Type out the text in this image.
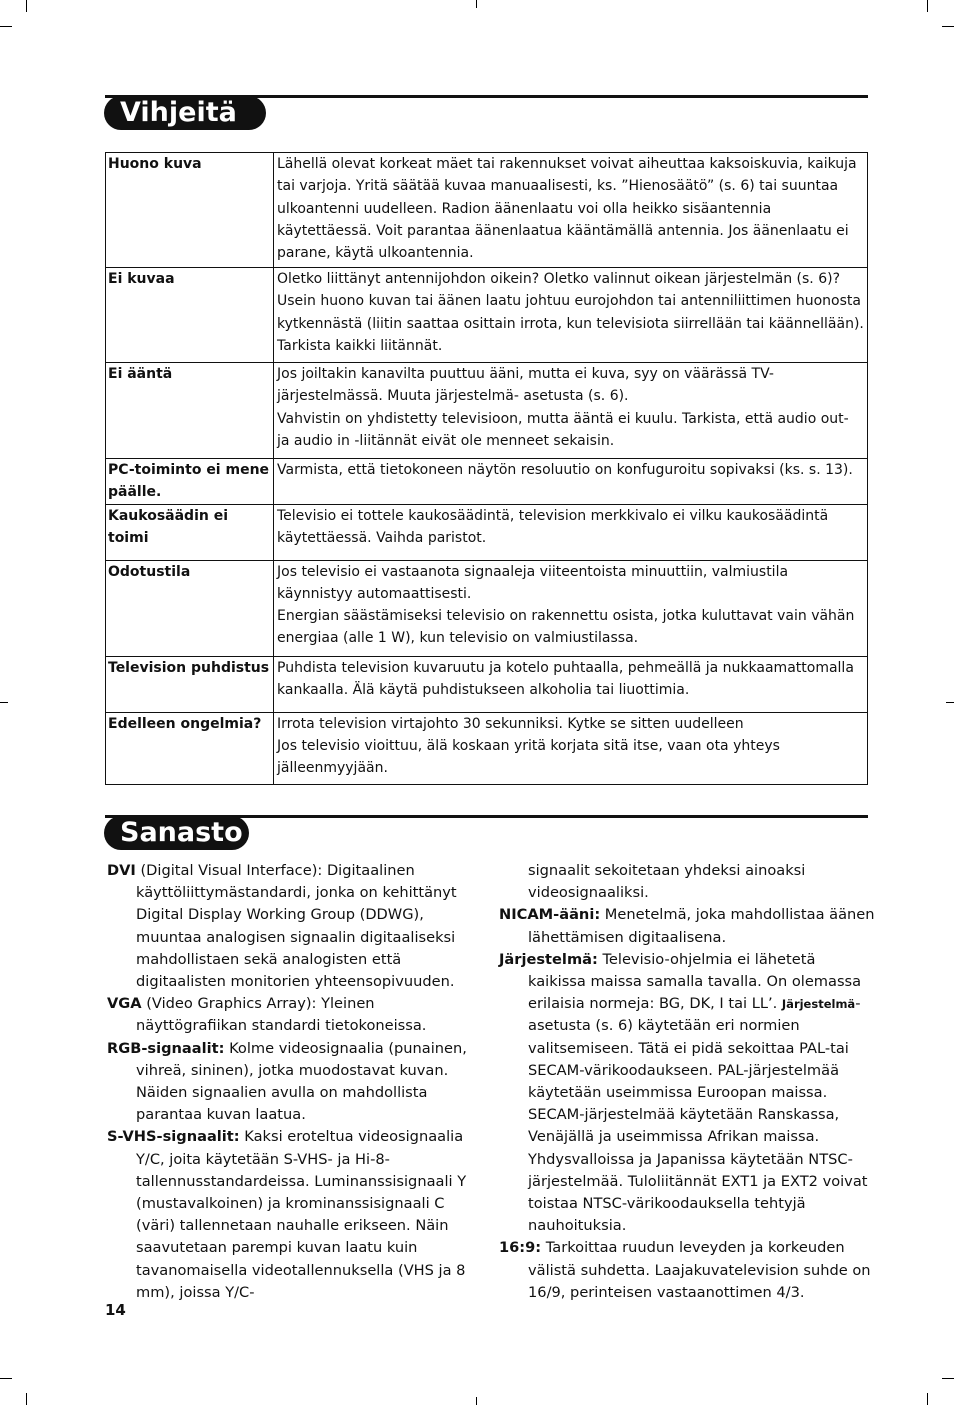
Vihjeitä
Huono kuva	Lähellä olevat korkeat mäet tai rakennukset voivat aiheuttaa kaksoiskuvia, kaikuja tai varjoja. Yritä säätää kuvaa manuaalisesti, ks. ”Hienosäätö” (s. 6) tai suuntaa ulkoantenni uudelleen. Radion äänenlaatu voi olla heikko sisäantennia käytettäessä. Voit parantaa äänenlaatua kääntämällä antennia. Jos äänenlaatu ei parane, käytä ulkoantennia.

Ei kuvaa	Oletko liittänyt antennijohdon oikein? Oletko valinnut oikean järjestelmän (s. 6)? Usein huono kuvan tai äänen laatu johtuu eurojohdon tai antenniliittimen huonosta kytkennästä (liitin saattaa osittain irrota, kun televisiota siirrellään tai käännellään). Tarkista kaikki liitännät.

Ei ääntä	Jos joiltakin kanavilta puuttuu ääni, mutta ei kuva, syy on väärässä TV-järjestelmässä. Muuta järjestelmä- asetusta (s. 6).
Vahvistin on yhdistetty televisioon, mutta ääntä ei kuulu. Tarkista, että audio out- ja audio in -liitännät eivät ole menneet sekaisin.

PC-toiminto ei mene päälle.	Varmista, että tietokoneen näytön resoluutio on konfuguroitu sopivaksi (ks. s. 13).

Kaukosäädin ei toimi	Televisio ei tottele kaukosäädintä, television merkkivalo ei vilku kaukosäädintä käytettäessä. Vaihda paristot.

Odotustila	Jos televisio ei vastaanota signaaleja viiteentoista minuuttiin, valmiustila käynnistyy automaattisesti.
Energian säästämiseksi televisio on rakennettu osista, jotka kuluttavat vain vähän energiaa (alle 1 W), kun televisio on valmiustilassa.

Television puhdistus	Puhdista television kuvaruutu ja kotelo puhtaalla, pehmeällä ja nukkaamattomalla kankaalla. Älä käytä puhdistukseen alkoholia tai liuottimia.

Edelleen ongelmia?	Irrota television virtajohto 30 sekunniksi. Kytke se sitten uudelleen
Jos televisio vioittuu, älä koskaan yritä korjata sitä itse, vaan ota yhteys jälleenmyyjään.
Sanasto
DVI (Digital Visual Interface): Digitaalinen käyttöliittymästandardi, jonka on kehittänyt Digital Display Working Group (DDWG), muuntaa analogisen signaalin digitaaliseksi mahdollistaen sekä analogisten että digitaalisten monitorien yhteensopivuuden.
VGA (Video Graphics Array): Yleinen näyttögrafiikan standardi tietokoneissa.
RGB-signaalit: Kolme videosignaalia (punainen, vihreä, sininen), jotka muodostavat kuvan. Näiden signaalien avulla on mahdollista parantaa kuvan laatua.
S-VHS-signaalit: Kaksi eroteltua videosignaalia Y/C, joita käytetään S-VHS- ja Hi-8-tallennusstandardeissa. Luminanssisignaali Y (mustavalkoinen) ja krominanssisignaali C (väri) tallennetaan nauhalle erikseen. Näin saavutetaan parempi kuvan laatu kuin tavanomaisella videotallennuksella (VHS ja 8 mm), joissa Y/C-
signaalit sekoitetaan yhdeksi ainoaksi videosignaaliksi.
NICAM-ääni: Menetelmä, joka mahdollistaa äänen lähettämisen digitaalisena.
Järjestelmä: Televisio-ohjelmia ei lähetetä kaikissa maissa samalla tavalla. On olemassa erilaisia normeja: BG, DK, I tai LL’. Järjestelmä-asetusta (s. 6) käytetään eri normien valitsemiseen. Tätä ei pidä sekoittaa PAL-tai SECAM-värikoodaukseen. PAL-järjestelmää käytetään useimmissa Euroopan maissa. SECAM-järjestelmää käytetään Ranskassa, Venäjällä ja useimmissa Afrikan maissa. Yhdysvalloissa ja Japanissa käytetään NTSC-järjestelmää. Tuloliitännät EXT1 ja EXT2 voivat toistaa NTSC-värikoodauksella tehtyjä nauhoituksia.
16:9: Tarkoittaa ruudun leveyden ja korkeuden välistä suhdetta. Laajakuvatelevision suhde on 16/9, perinteisen vastaanottimen 4/3.
14
